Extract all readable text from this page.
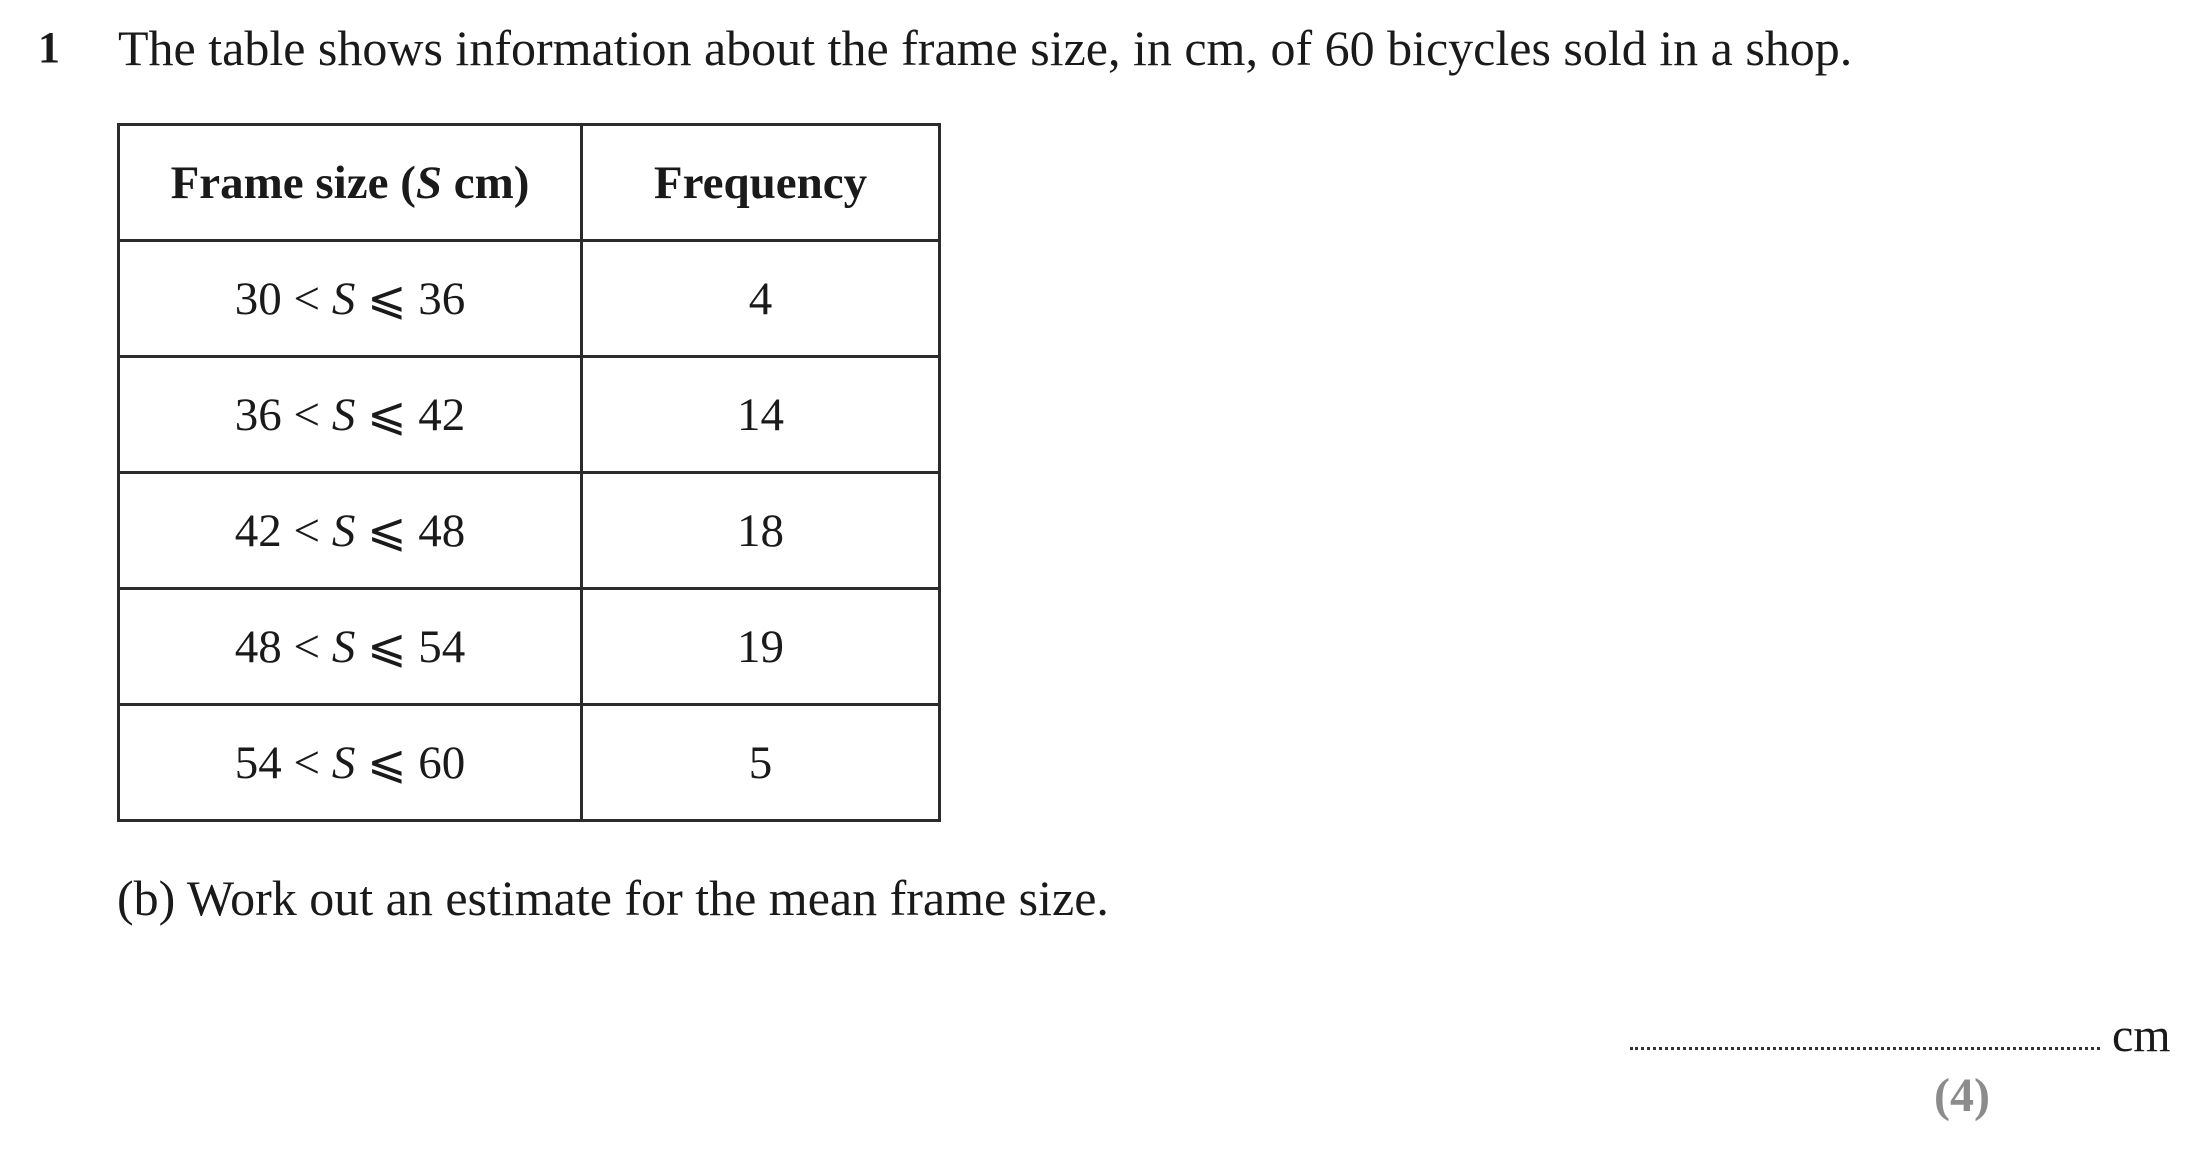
1 The table shows information about the frame size, in cm, of 60 bicycles sold in a shop.
Frame size (S cm)	Frequency
30 < S ⩽ 36	4
36 < S ⩽ 42	14
42 < S ⩽ 48	18
48 < S ⩽ 54	19
54 < S ⩽ 60	5
(b) Work out an estimate for the mean frame size.
cm
(4)
